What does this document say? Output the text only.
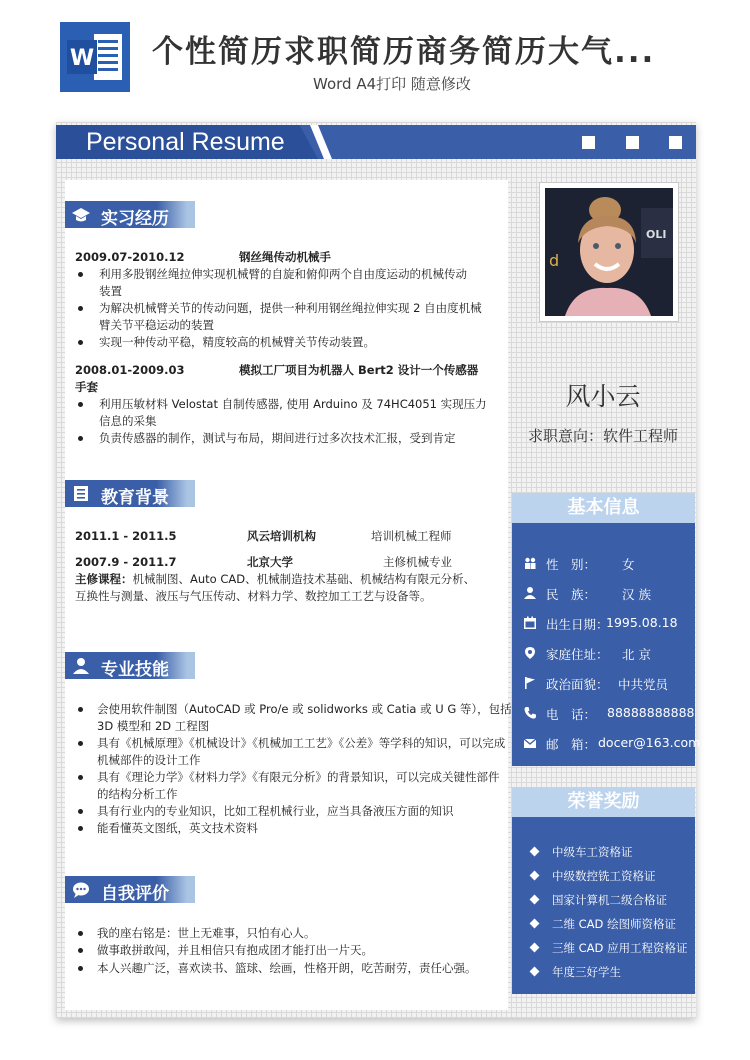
W 个性简历求职简历商务简历大气...
Word A4打印 随意修改
Personal Resume
实习经历
2009.07-2010.12	钢丝绳传动机械手
利用多股钢丝绳拉伸实现机械臂的自旋和俯仰两个自由度运动的机械传动
装置
为解决机械臂关节的传动问题，提供一种利用钢丝绳拉伸实现 2 自由度机械
臂关节平稳运动的装置
实现一种传动平稳，精度较高的机械臂关节传动装置。
2008.01-2009.03	模拟工厂项目为机器人 Bert2 设计一个传感器
手套
利用压敏材料 Velostat 自制传感器, 使用 Arduino 及 74HC4051 实现压力
信息的采集
负责传感器的制作，测试与布局，期间进行过多次技术汇报，受到肯定
教育背景
2011.1 - 2011.5	风云培训机构	培训机械工程师
2007.9 - 2011.7	北京大学	主修机械专业
主修课程：机械制图、Auto CAD、机械制造技术基础、机械结构有限元分析、
互换性与测量、液压与气压传动、材料力学、数控加工工艺与设备等。
专业技能
会使用软件制图（AutoCAD 或 Pro/e 或 solidworks 或 Catia 或 U G 等），包括
3D 模型和 2D 工程图
具有《机械原理》《机械设计》《机械加工工艺》《公差》等学科的知识，可以完成
机械部件的设计工作
具有《理论力学》《材料力学》《有限元分析》的背景知识，可以完成关键性部件
的结构分析工作
具有行业内的专业知识，比如工程机械行业，应当具备液压方面的知识
能看懂英文图纸，英文技术资料
自我评价
我的座右铭是：世上无难事，只怕有心人。
做事敢拼敢闯，并且相信只有抱成团才能打出一片天。
本人兴趣广泛，喜欢读书、篮球、绘画，性格开朗，吃苦耐劳，责任心强。
OLI
d
风小云
求职意向：软件工程师
基本信息
性　别： 女
民　族： 汉 族
出生日期：
1995.08.18
家庭住址： 北 京
政治面貌： 中共党员
电　话： 88888888888
邮　箱： docer@163.com
荣誉奖励
中级车工资格证
中级数控铣工资格证
国家计算机二级合格证
二维 CAD 绘图师资格证
三维 CAD 应用工程资格证
年度三好学生
